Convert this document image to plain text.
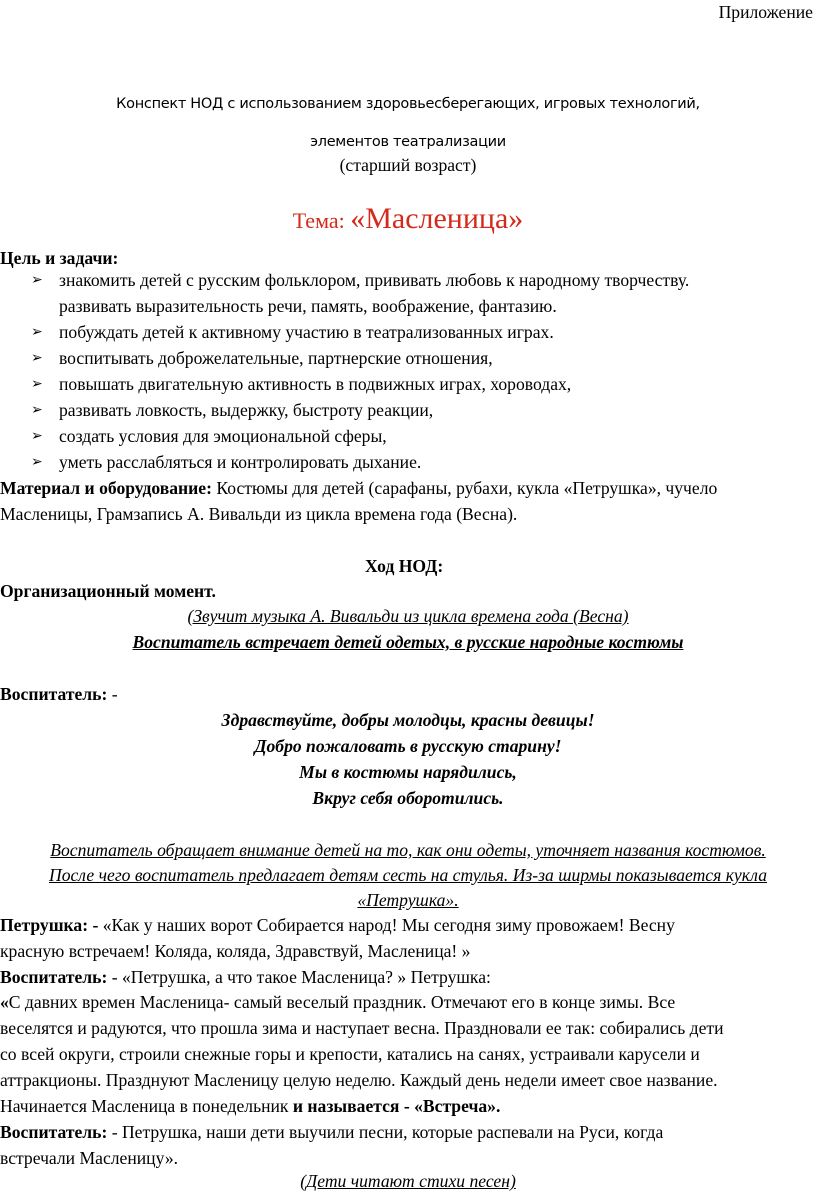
Приложение
Конспект НОД с использованием здоровьесберегающих, игровых технологий,
элементов театрализации
(старший возраст)
Тема: «Масленица»
Цель и задачи:
➢ знакомить детей с русским фольклором, прививать любовь к народному творчеству.
развивать выразительность речи, память, воображение, фантазию.
➢ побуждать детей к активному участию в театрализованных играх.
➢ воспитывать доброжелательные, партнерские отношения,
➢ повышать двигательную активность в подвижных играх, хороводах,
➢ развивать ловкость, выдержку, быстроту реакции,
➢ создать условия для эмоциональной сферы,
➢ уметь расслабляться и контролировать дыхание.
Материал и оборудование: Костюмы для детей (сарафаны, рубахи, кукла «Петрушка», чучело
Масленицы, Грамзапись А. Вивальди из цикла времена года (Весна).
Ход НОД:
Организационный момент.
(Звучит музыка А. Вивальди из цикла времена года (Весна)
Воспитатель встречает детей одетых, в русские народные костюмы
Воспитатель: -
Здравствуйте, добры молодцы, красны девицы!
Добро пожаловать в русскую старину!
Мы в костюмы нарядились,
Вкруг себя оборотились.
Воспитатель обращает внимание детей на то, как они одеты, уточняет названия костюмов.
После чего воспитатель предлагает детям сесть на стулья. Из-за ширмы показывается кукла
«Петрушка».
Петрушка: - «Как у наших ворот Собирается народ! Мы сегодня зиму провожаем! Весну
красную встречаем! Коляда, коляда, Здравствуй, Масленица! »
Воспитатель: - «Петрушка, а что такое Масленица? » Петрушка:
«С давних времен Масленица- самый веселый праздник. Отмечают его в конце зимы. Все
веселятся и радуются, что прошла зима и наступает весна. Праздновали ее так: собирались дети
со всей округи, строили снежные горы и крепости, катались на санях, устраивали карусели и
аттракционы. Празднуют Масленицу целую неделю. Каждый день недели имеет свое название.
Начинается Масленица в понедельник и называется - «Встреча».
Воспитатель: - Петрушка, наши дети выучили песни, которые распевали на Руси, когда
встречали Масленицу».
(Дети читают стихи песен)
